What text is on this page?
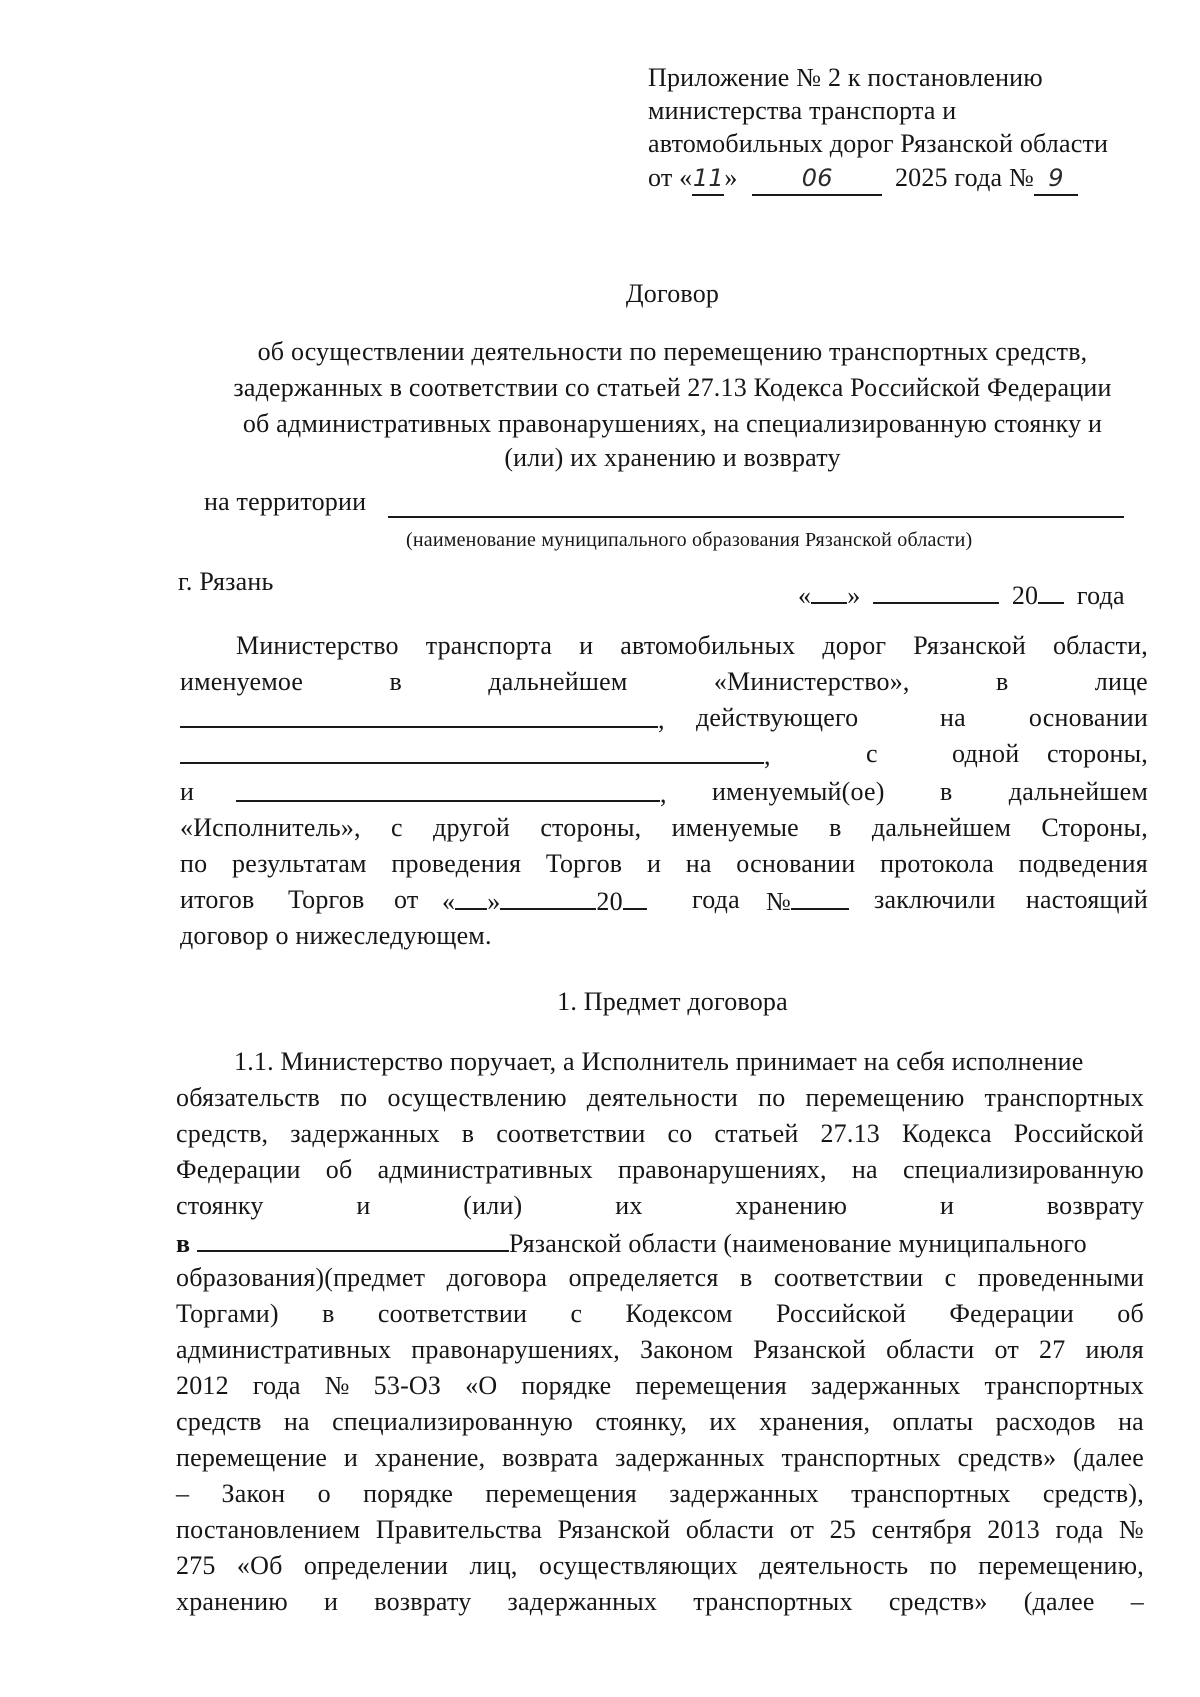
Приложение № 2 к постановлению
министерства транспорта и
автомобильных дорог Рязанской области
от «11»	06 2025 года № 9
Договор
об осуществлении деятельности по перемещению транспортных средств,
задержанных в соответствии со статьей 27.13 Кодекса Российской Федерации
об административных правонарушениях, на специализированную стоянку и
(или) их хранению и возврату
на территории
(наименование муниципального образования Рязанской области)
г. Рязань	« »	20 года
Министерство транспорта и автомобильных дорог Рязанской области,
именуемое	в	дальнейшем	«Министерство»,	в	лице
, действующего	на основании
,	с	одной стороны,
и	, именуемый(ое) в дальнейшем
«Исполнитель», с другой стороны, именуемые в дальнейшем Стороны,
по результатам проведения Торгов и на основании протокола подведения
итогов Торгов от « »	20	года №	заключили настоящий
договор о нижеследующем.
1. Предмет договора
1.1. Министерство поручает, а Исполнитель принимает на себя исполнение
обязательств по осуществлению деятельности по перемещению транспортных
средств, задержанных в соответствии со статьей 27.13 Кодекса Российской
Федерации об административных правонарушениях, на специализированную
стоянку	и	(или)	их	хранению	и	возврату
в	Рязанской области (наименование муниципального
образования)(предмет договора определяется в соответствии с проведенными
Торгами) в соответствии с Кодексом Российской Федерации об
административных правонарушениях, Законом Рязанской области от 27 июля
2012 года № 53-ОЗ «О порядке перемещения задержанных транспортных
средств на специализированную стоянку, их хранения, оплаты расходов на
перемещение и хранение, возврата задержанных транспортных средств» (далее
– Закон о порядке перемещения задержанных транспортных средств),
постановлением Правительства Рязанской области от 25 сентября 2013 года №
275 «Об определении лиц, осуществляющих деятельность по перемещению,
хранению и возврату задержанных транспортных средств» (далее –
